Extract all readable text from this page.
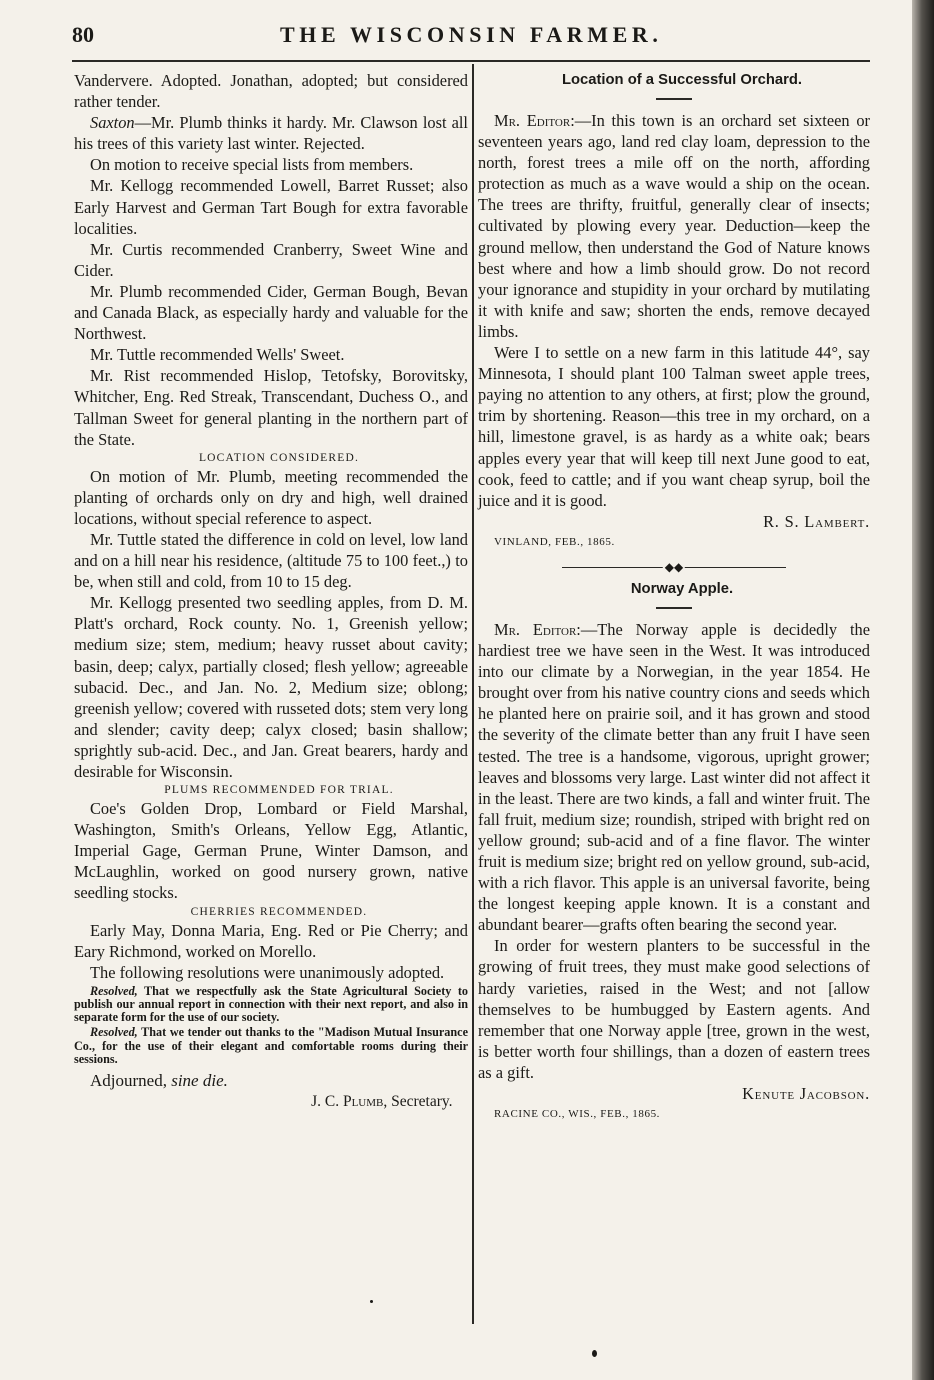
80	THE WISCONSIN FARMER.

Vandervere. Adopted. Jonathan, adopted; but considered rather tender.

Saxton—Mr. Plumb thinks it hardy. Mr. Clawson lost all his trees of this variety last winter. Rejected.

On motion to receive special lists from members.

Mr. Kellogg recommended Lowell, Barret Russet; also Early Harvest and German Tart Bough for extra favorable localities.

Mr. Curtis recommended Cranberry, Sweet Wine and Cider.

Mr. Plumb recommended Cider, German Bough, Bevan and Canada Black, as especially hardy and valuable for the Northwest.

Mr. Tuttle recommended Wells' Sweet.

Mr. Rist recommended Hislop, Tetofsky, Borovitsky, Whitcher, Eng. Red Streak, Transcendant, Duchess O., and Tallman Sweet for general planting in the northern part of the State.

LOCATION CONSIDERED.

On motion of Mr. Plumb, meeting recommended the planting of orchards only on dry and high, well drained locations, without special reference to aspect.

Mr. Tuttle stated the difference in cold on level, low land and on a hill near his residence, (altitude 75 to 100 feet.,) to be, when still and cold, from 10 to 15 deg.

Mr. Kellogg presented two seedling apples, from D. M. Platt's orchard, Rock county. No. 1, Greenish yellow; medium size; stem, medium; heavy russet about cavity; basin, deep; calyx, partially closed; flesh yellow; agreeable subacid. Dec., and Jan. No. 2, Medium size; oblong; greenish yellow; covered with russeted dots; stem very long and slender; cavity deep; calyx closed; basin shallow; sprightly sub-acid. Dec., and Jan. Great bearers, hardy and desirable for Wisconsin.

PLUMS RECOMMENDED FOR TRIAL.

Coe's Golden Drop, Lombard or Field Marshal, Washington, Smith's Orleans, Yellow Egg, Atlantic, Imperial Gage, German Prune, Winter Damson, and McLaughlin, worked on good nursery grown, native seedling stocks.

CHERRIES RECOMMENDED.

Early May, Donna Maria, Eng. Red or Pie Cherry; and Eary Richmond, worked on Morello.

The following resolutions were unanimously adopted.

Resolved, That we respectfully ask the State Agricultural Society to publish our annual report in connection with their next report, and also in separate form for the use of our society.

Resolved, That we tender out thanks to the "Madison Mutual Insurance Co., for the use of their elegant and comfortable rooms during their sessions.

Adjourned, sine die.

J. C. Plumb, Secretary.

Location of a Successful Orchard.

Mr. Editor:—In this town is an orchard set sixteen or seventeen years ago, land red clay loam, depression to the north, forest trees a mile off on the north, affording protection as much as a wave would a ship on the ocean. The trees are thrifty, fruitful, generally clear of insects; cultivated by plowing every year. Deduction—keep the ground mellow, then understand the God of Nature knows best where and how a limb should grow. Do not record your ignorance and stupidity in your orchard by mutilating it with knife and saw; shorten the ends, remove decayed limbs.

Were I to settle on a new farm in this latitude 44°, say Minnesota, I should plant 100 Talman sweet apple trees, paying no attention to any others, at first; plow the ground, trim by shortening. Reason—this tree in my orchard, on a hill, limestone gravel, is as hardy as a white oak; bears apples every year that will keep till next June good to eat, cook, feed to cattle; and if you want cheap syrup, boil the juice and it is good.

R. S. Lambert.

VINLAND, FEB., 1865.

◆◆

Norway Apple.

Mr. Editor:—The Norway apple is decidedly the hardiest tree we have seen in the West. It was introduced into our climate by a Norwegian, in the year 1854. He brought over from his native country cions and seeds which he planted here on prairie soil, and it has grown and stood the severity of the climate better than any fruit I have seen tested. The tree is a handsome, vigorous, upright grower; leaves and blossoms very large. Last winter did not affect it in the least. There are two kinds, a fall and winter fruit. The fall fruit, medium size; roundish, striped with bright red on yellow ground; sub-acid and of a fine flavor. The winter fruit is medium size; bright red on yellow ground, sub-acid, with a rich flavor. This apple is an universal favorite, being the longest keeping apple known. It is a constant and abundant bearer—grafts often bearing the second year.

In order for western planters to be successful in the growing of fruit trees, they must make good selections of hardy varieties, raised in the West; and not [allow themselves to be humbugged by Eastern agents. And remember that one Norway apple [tree, grown in the west, is better worth four shillings, than a dozen of eastern trees as a gift.

Kenute Jacobson.

RACINE CO., WIS., FEB., 1865.
